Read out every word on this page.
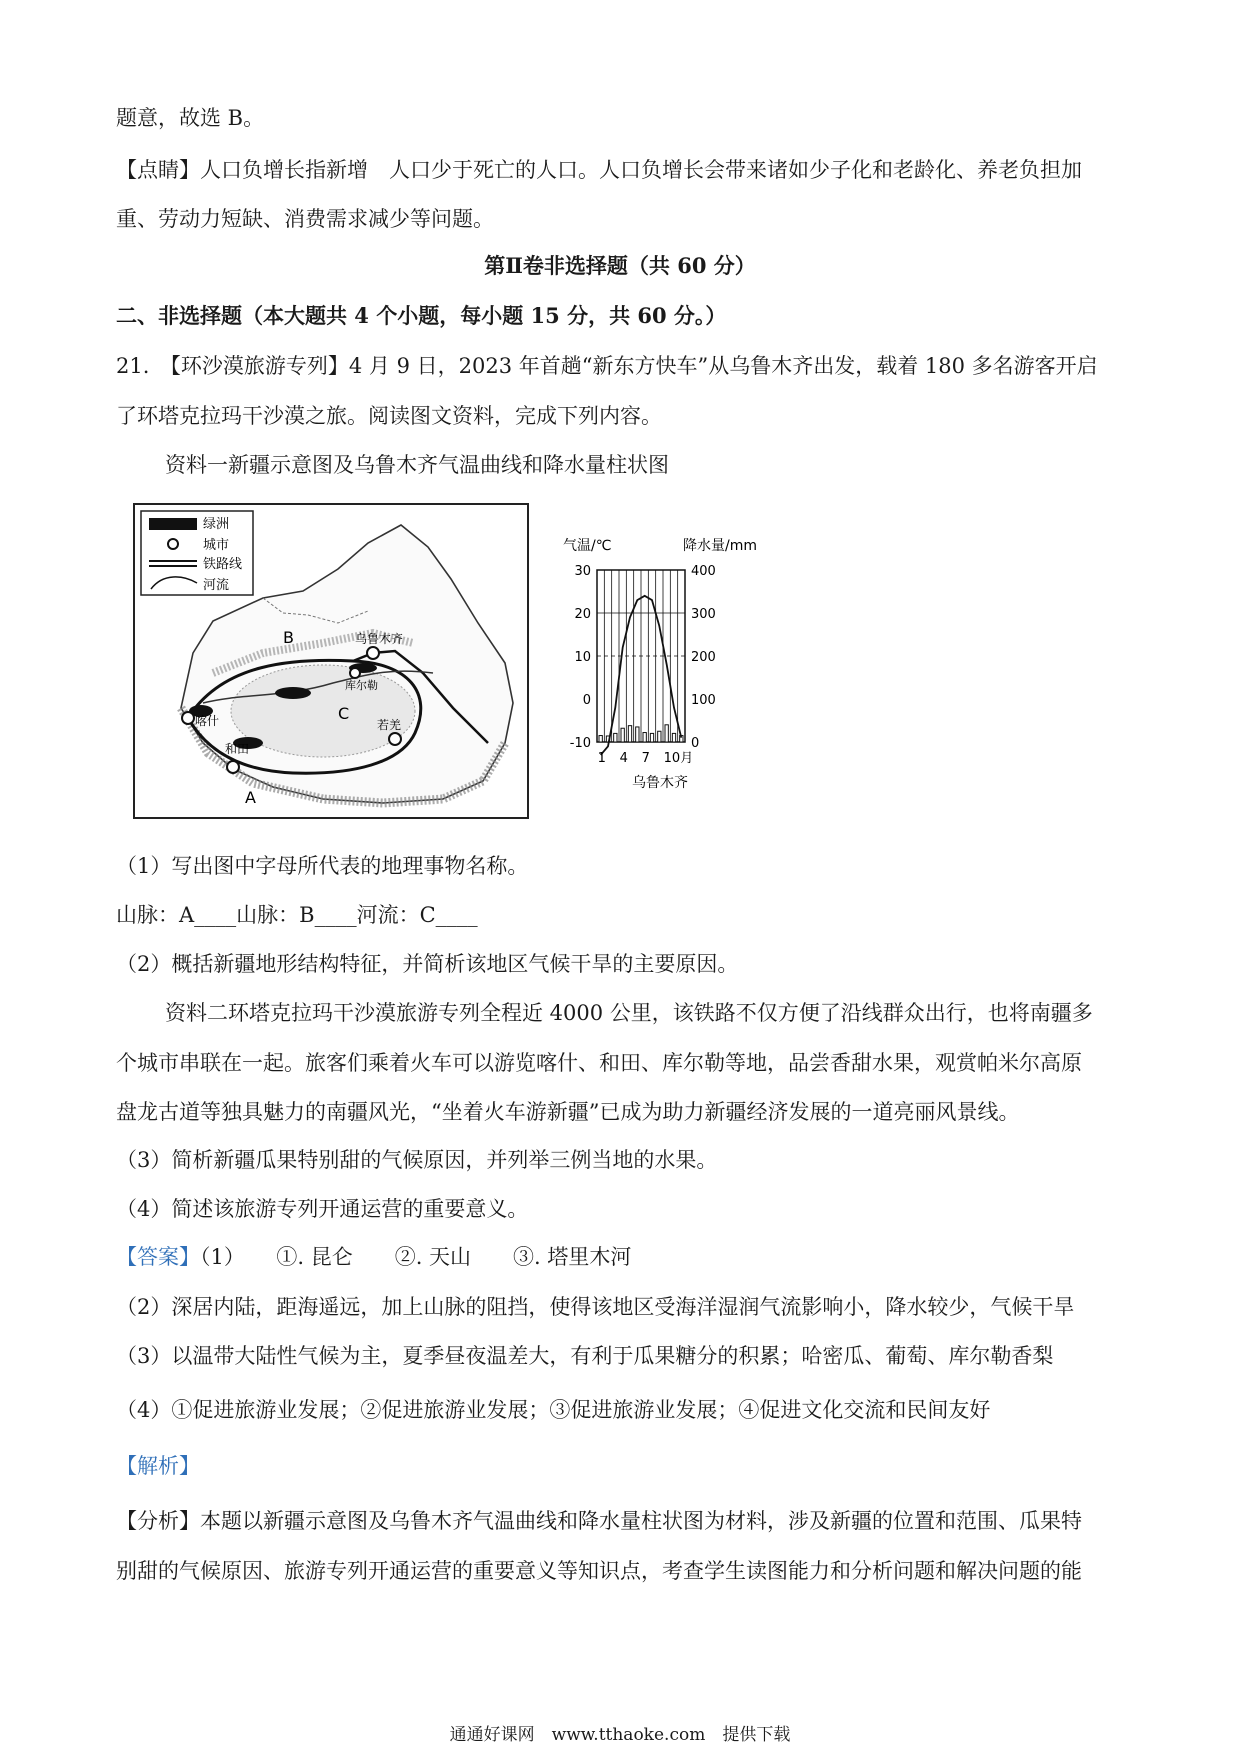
题意，故选 B。
【点睛】人口负增长指新增　人口少于死亡的人口。人口负增长会带来诸如少子化和老龄化、养老负担加
重、劳动力短缺、消费需求减少等问题。
第Ⅱ卷非选择题（共 60 分）
二、非选择题（本大题共 4 个小题，每小题 15 分，共 60 分。）
21.　【环沙漠旅游专列】4 月 9 日，2023 年首趟“新东方快车”从乌鲁木齐出发，载着 180 多名游客开启
了环塔克拉玛干沙漠之旅。阅读图文资料，完成下列内容。
资料一新疆示意图及乌鲁木齐气温曲线和降水量柱状图
绿洲
城市
铁路线
河流
乌鲁木齐
喀什
和田
若羌
库尔勒
B
C
A
气温/℃	降水量/mm
30
20
10
0
-10
400
300
200
100
0
1 4 7 10月
乌鲁木齐
（1）写出图中字母所代表的地理事物名称。
山脉：A____山脉：B____河流：C____
（2）概括新疆地形结构特征，并简析该地区气候干旱的主要原因。
资料二环塔克拉玛干沙漠旅游专列全程近 4000 公里，该铁路不仅方便了沿线群众出行，也将南疆多
个城市串联在一起。旅客们乘着火车可以游览喀什、和田、库尔勒等地，品尝香甜水果，观赏帕米尔高原
盘龙古道等独具魅力的南疆风光，“坐着火车游新疆”已成为助力新疆经济发展的一道亮丽风景线。
（3）简析新疆瓜果特别甜的气候原因，并列举三例当地的水果。
（4）简述该旅游专列开通运营的重要意义。
【答案】（1）　　①. 昆仑　　②. 天山　　③. 塔里木河
（2）深居内陆，距海遥远，加上山脉的阻挡，使得该地区受海洋湿润气流影响小，降水较少，气候干旱
（3）以温带大陆性气候为主，夏季昼夜温差大，有利于瓜果糖分的积累；哈密瓜、葡萄、库尔勒香梨
（4）①促进旅游业发展；②促进旅游业发展；③促进旅游业发展；④促进文化交流和民间友好
【解析】
【分析】本题以新疆示意图及乌鲁木齐气温曲线和降水量柱状图为材料，涉及新疆的位置和范围、瓜果特
别甜的气候原因、旅游专列开通运营的重要意义等知识点，考查学生读图能力和分析问题和解决问题的能
通通好课网　www.tthaoke.com　提供下载
